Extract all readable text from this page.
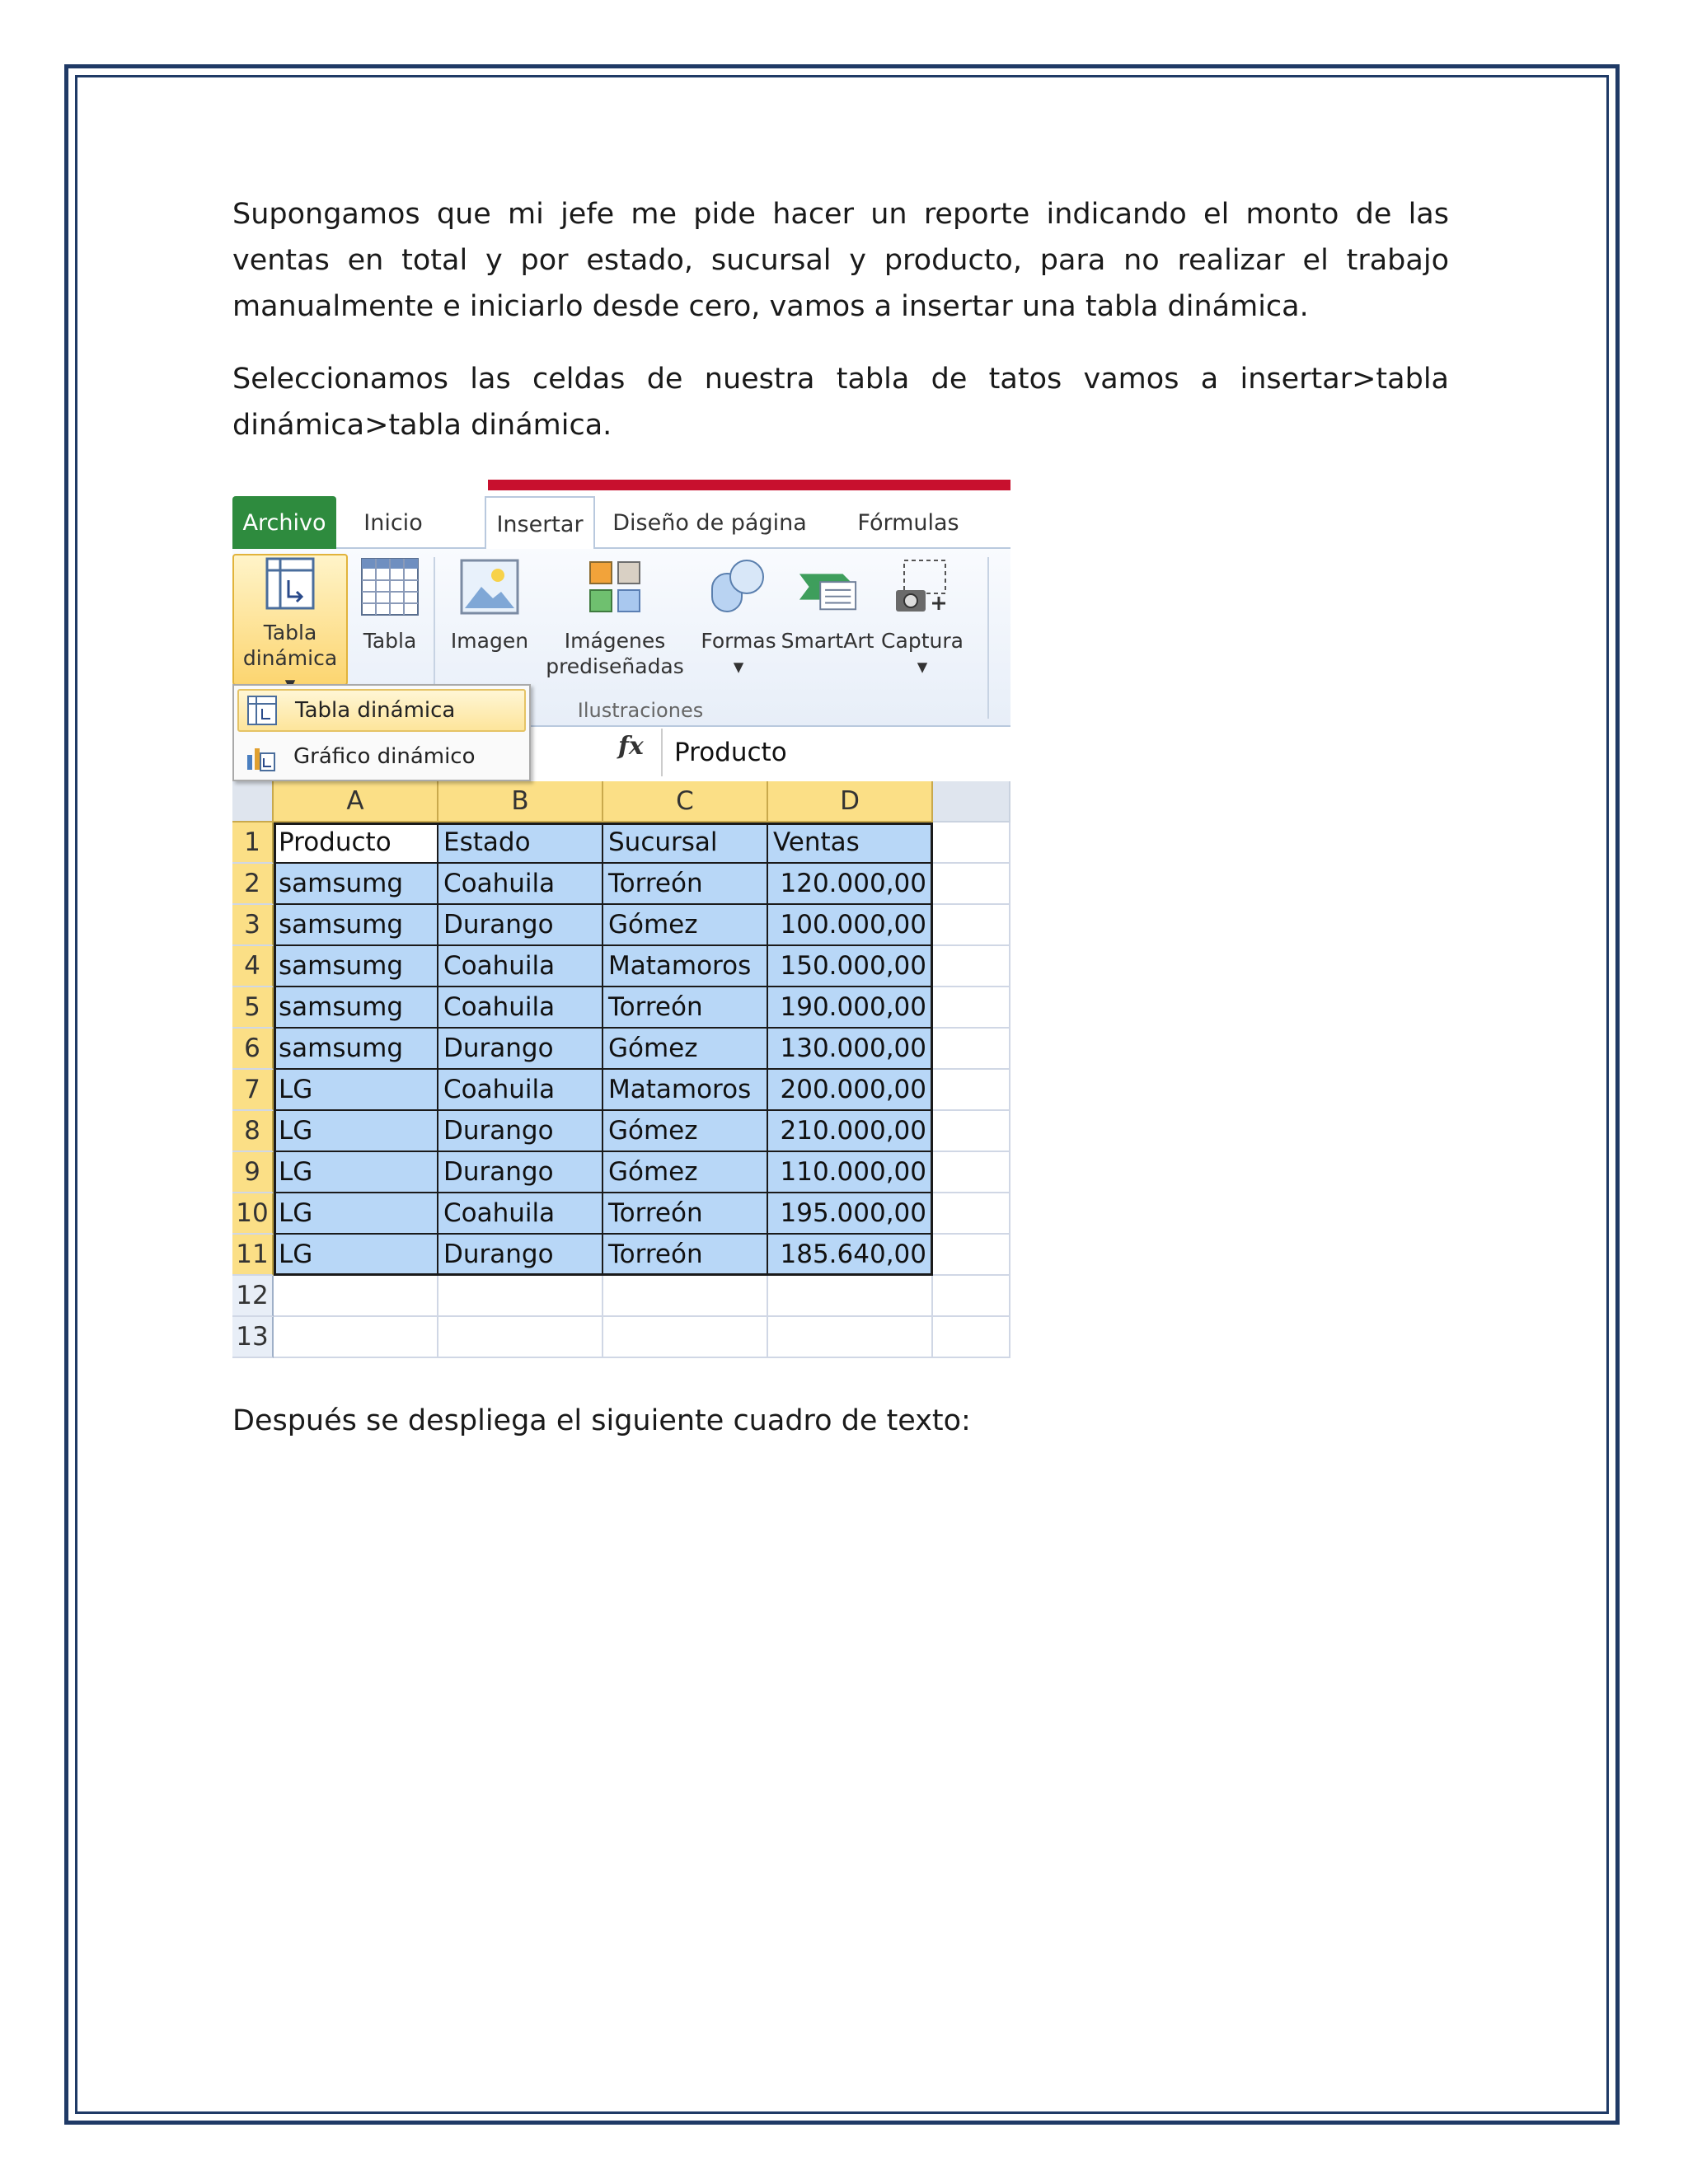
Supongamos que mi jefe me pide hacer un reporte indicando el monto de las ventas en total y por estado, sucursal y producto, para no realizar el trabajo manualmente e iniciarlo desde cero, vamos a insertar una tabla dinámica.

Seleccionamos las celdas de nuestra tabla de tatos vamos a insertar>tabla dinámica>tabla dinámica.

Archivo	Inicio	Insertar	Diseño de página	Fórmulas
Tabla dinámica
Tabla Imagen	Imágenes prediseñadas
Formas ▾
SmartArt Captura ▾
Ilustraciones
fx	Producto
A	B	C	D
1 Producto	Estado	Sucursal	Ventas
2 samsumg	Coahuila	Torreón	120.000,00
3 samsumg	Durango	Gómez	100.000,00
4 samsumg	Coahuila	Matamoros	150.000,00
5 samsumg	Coahuila	Torreón	190.000,00
6 samsumg	Durango	Gómez	130.000,00
7 LG	Coahuila	Matamoros	200.000,00
8 LG	Durango	Gómez	210.000,00
9 LG	Durango	Gómez	110.000,00
10 LG	Coahuila	Torreón	195.000,00
11 LG	Durango	Torreón	185.640,00
12
13
Tabla dinámica
Gráfico dinámico

Después se despliega el siguiente cuadro de texto:
